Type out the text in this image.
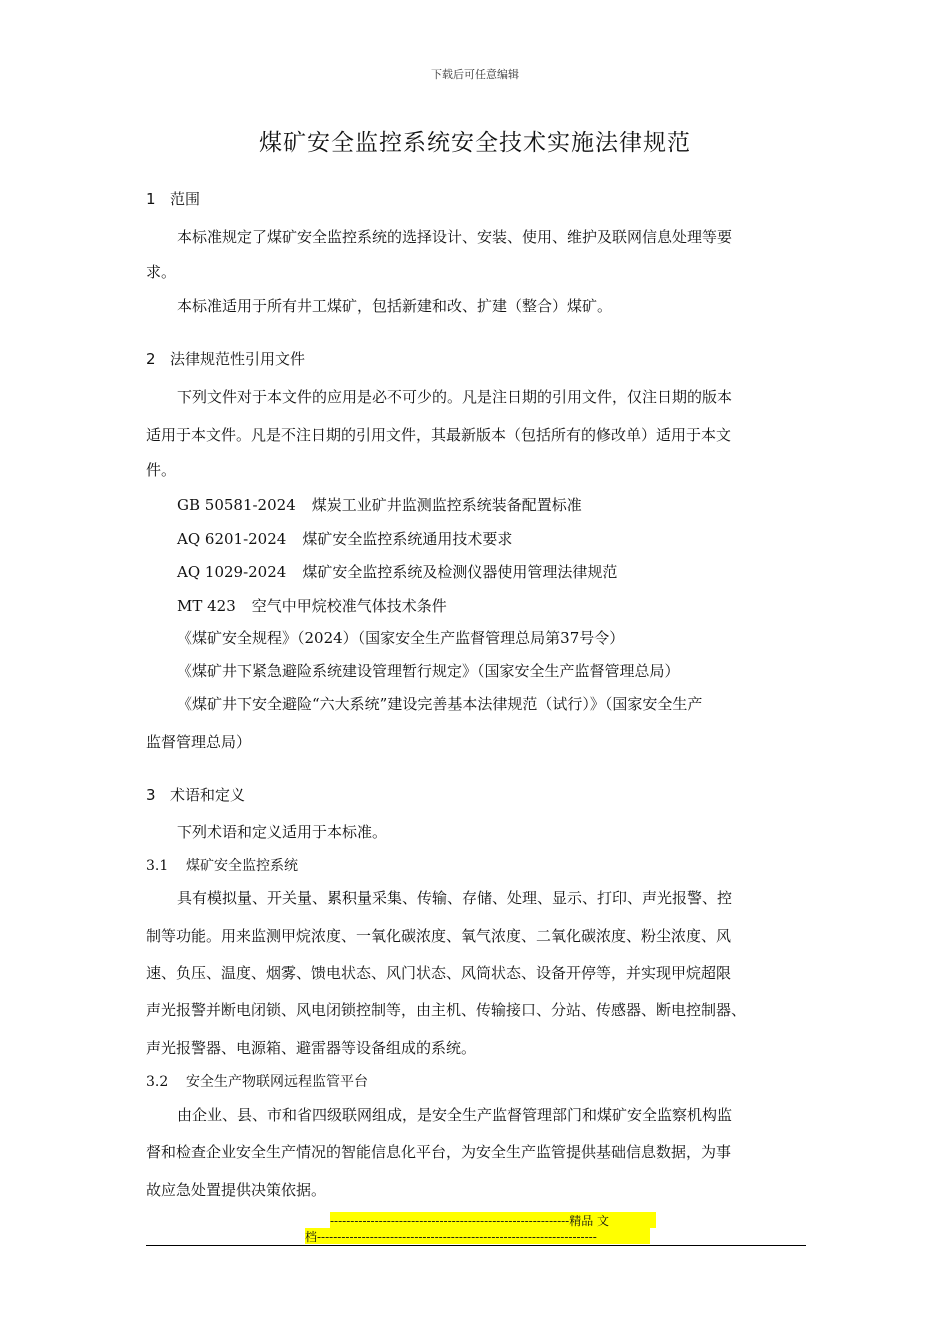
下载后可任意编辑
煤矿安全监控系统安全技术实施法律规范
1 范围
本标准规定了煤矿安全监控系统的选择设计、安装、使用、维护及联网信息处理等要
求。
本标准适用于所有井工煤矿，包括新建和改、扩建（整合）煤矿。
2 法律规范性引用文件
下列文件对于本文件的应用是必不可少的。凡是注日期的引用文件，仅注日期的版本
适用于本文件。凡是不注日期的引用文件，其最新版本（包括所有的修改单）适用于本文
件。
GB 50581-2024 煤炭工业矿井监测监控系统装备配置标准
AQ 6201-2024 煤矿安全监控系统通用技术要求
AQ 1029-2024 煤矿安全监控系统及检测仪器使用管理法律规范
MT 423 空气中甲烷校准气体技术条件
《煤矿安全规程》（2024）（国家安全生产监督管理总局第37号令）
《煤矿井下紧急避险系统建设管理暂行规定》（国家安全生产监督管理总局）
《煤矿井下安全避险“六大系统”建设完善基本法律规范（试行）》（国家安全生产
监督管理总局）
3 术语和定义
下列术语和定义适用于本标准。
3.1 煤矿安全监控系统
具有模拟量、开关量、累积量采集、传输、存储、处理、显示、打印、声光报警、控
制等功能。用来监测甲烷浓度、一氧化碳浓度、氧气浓度、二氧化碳浓度、粉尘浓度、风
速、负压、温度、烟雾、馈电状态、风门状态、风筒状态、设备开停等，并实现甲烷超限
声光报警并断电闭锁、风电闭锁控制等，由主机、传输接口、分站、传感器、断电控制器、
声光报警器、电源箱、避雷器等设备组成的系统。
3.2 安全生产物联网远程监管平台
由企业、县、市和省四级联网组成，是安全生产监督管理部门和煤矿安全监察机构监
督和检查企业安全生产情况的智能信息化平台，为安全生产监管提供基础信息数据，为事
故应急处置提供决策依据。
-----------------------------------------------------------精品 文
档---------------------------------------------------------------------
